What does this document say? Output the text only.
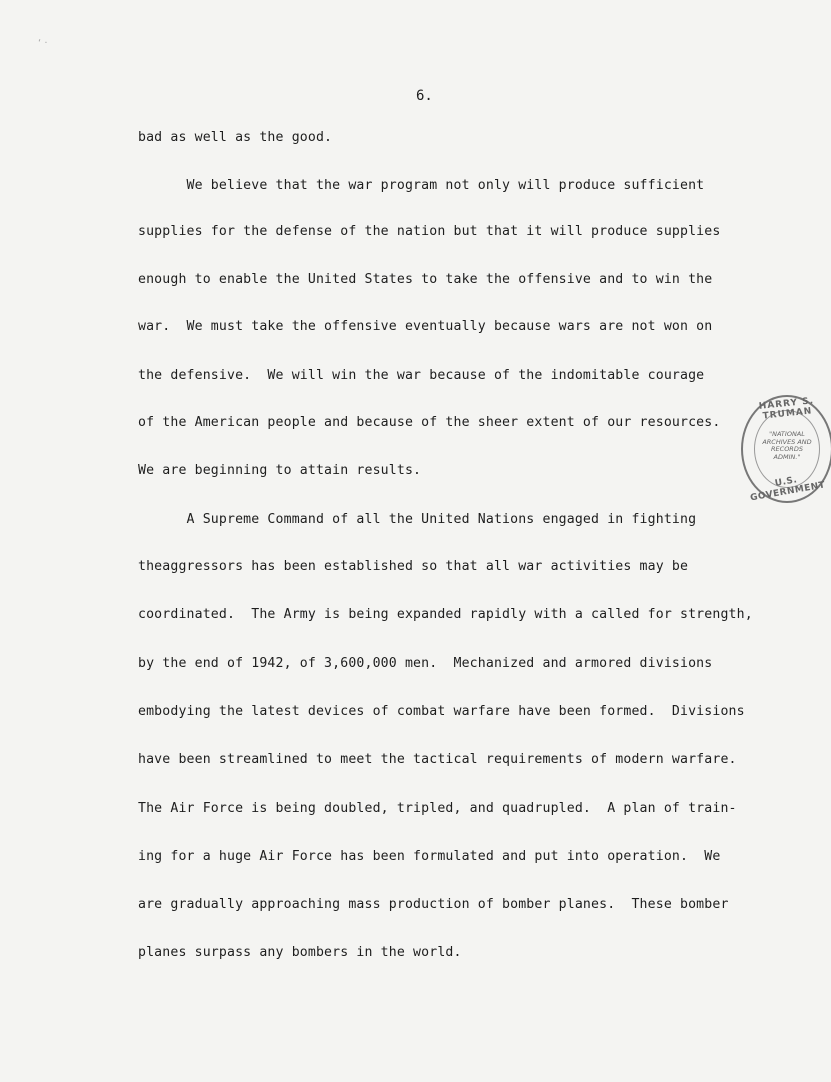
‘ ·
6.
bad as well as the good.
We believe that the war program not only will produce sufficient
supplies for the defense of the nation but that it will produce supplies
enough to enable the United States to take the offensive and to win the
war.  We must take the offensive eventually because wars are not won on
the defensive.  We will win the war because of the indomitable courage
of the American people and because of the sheer extent of our resources.
We are beginning to attain results.
A Supreme Command of all the United Nations engaged in fighting
theaggressors has been established so that all war activities may be
coordinated.  The Army is being expanded rapidly with a called for strength,
by the end of 1942, of 3,600,000 men.  Mechanized and armored divisions
embodying the latest devices of combat warfare have been formed.  Divisions
have been streamlined to meet the tactical requirements of modern warfare.
The Air Force is being doubled, tripled, and quadrupled.  A plan of train-
ing for a huge Air Force has been formulated and put into operation.  We
are gradually approaching mass production of bomber planes.  These bomber
planes surpass any bombers in the world.
HARRY S. TRUMAN
"NATIONAL
ARCHIVES AND
RECORDS
ADMIN."
U.S. GOVERNMENT
